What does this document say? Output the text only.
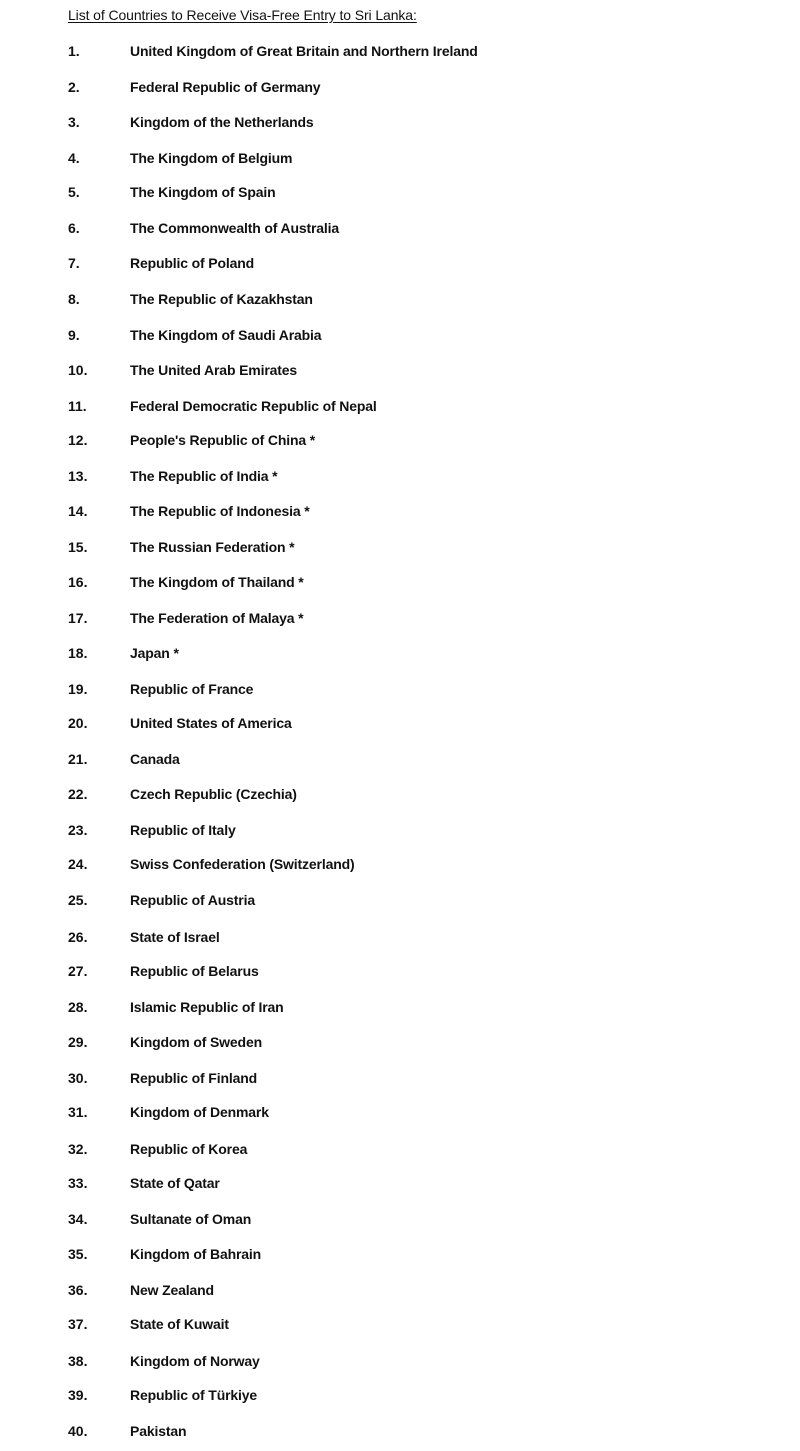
List of Countries to Receive Visa-Free Entry to Sri Lanka:
1.	United Kingdom of Great Britain and Northern Ireland
2.	Federal Republic of Germany
3.	Kingdom of the Netherlands
4.	The Kingdom of Belgium
5.	The Kingdom of Spain
6.	The Commonwealth of Australia
7.	Republic of Poland
8.	The Republic of Kazakhstan
9.	The Kingdom of Saudi Arabia
10.	The United Arab Emirates
11.	Federal Democratic Republic of Nepal
12.	People's Republic of China *
13.	The Republic of India *
14.	The Republic of Indonesia *
15.	The Russian Federation *
16.	The Kingdom of Thailand *
17.	The Federation of Malaya *
18.	Japan *
19.	Republic of France
20.	United States of America
21.	Canada
22.	Czech Republic (Czechia)
23.	Republic of Italy
24.	Swiss Confederation (Switzerland)
25.	Republic of Austria
26.	State of Israel
27.	Republic of Belarus
28.	Islamic Republic of Iran
29.	Kingdom of Sweden
30.	Republic of Finland
31.	Kingdom of Denmark
32.	Republic of Korea
33.	State of Qatar
34.	Sultanate of Oman
35.	Kingdom of Bahrain
36.	New Zealand
37.	State of Kuwait
38.	Kingdom of Norway
39.	Republic of Türkiye
40.	Pakistan
